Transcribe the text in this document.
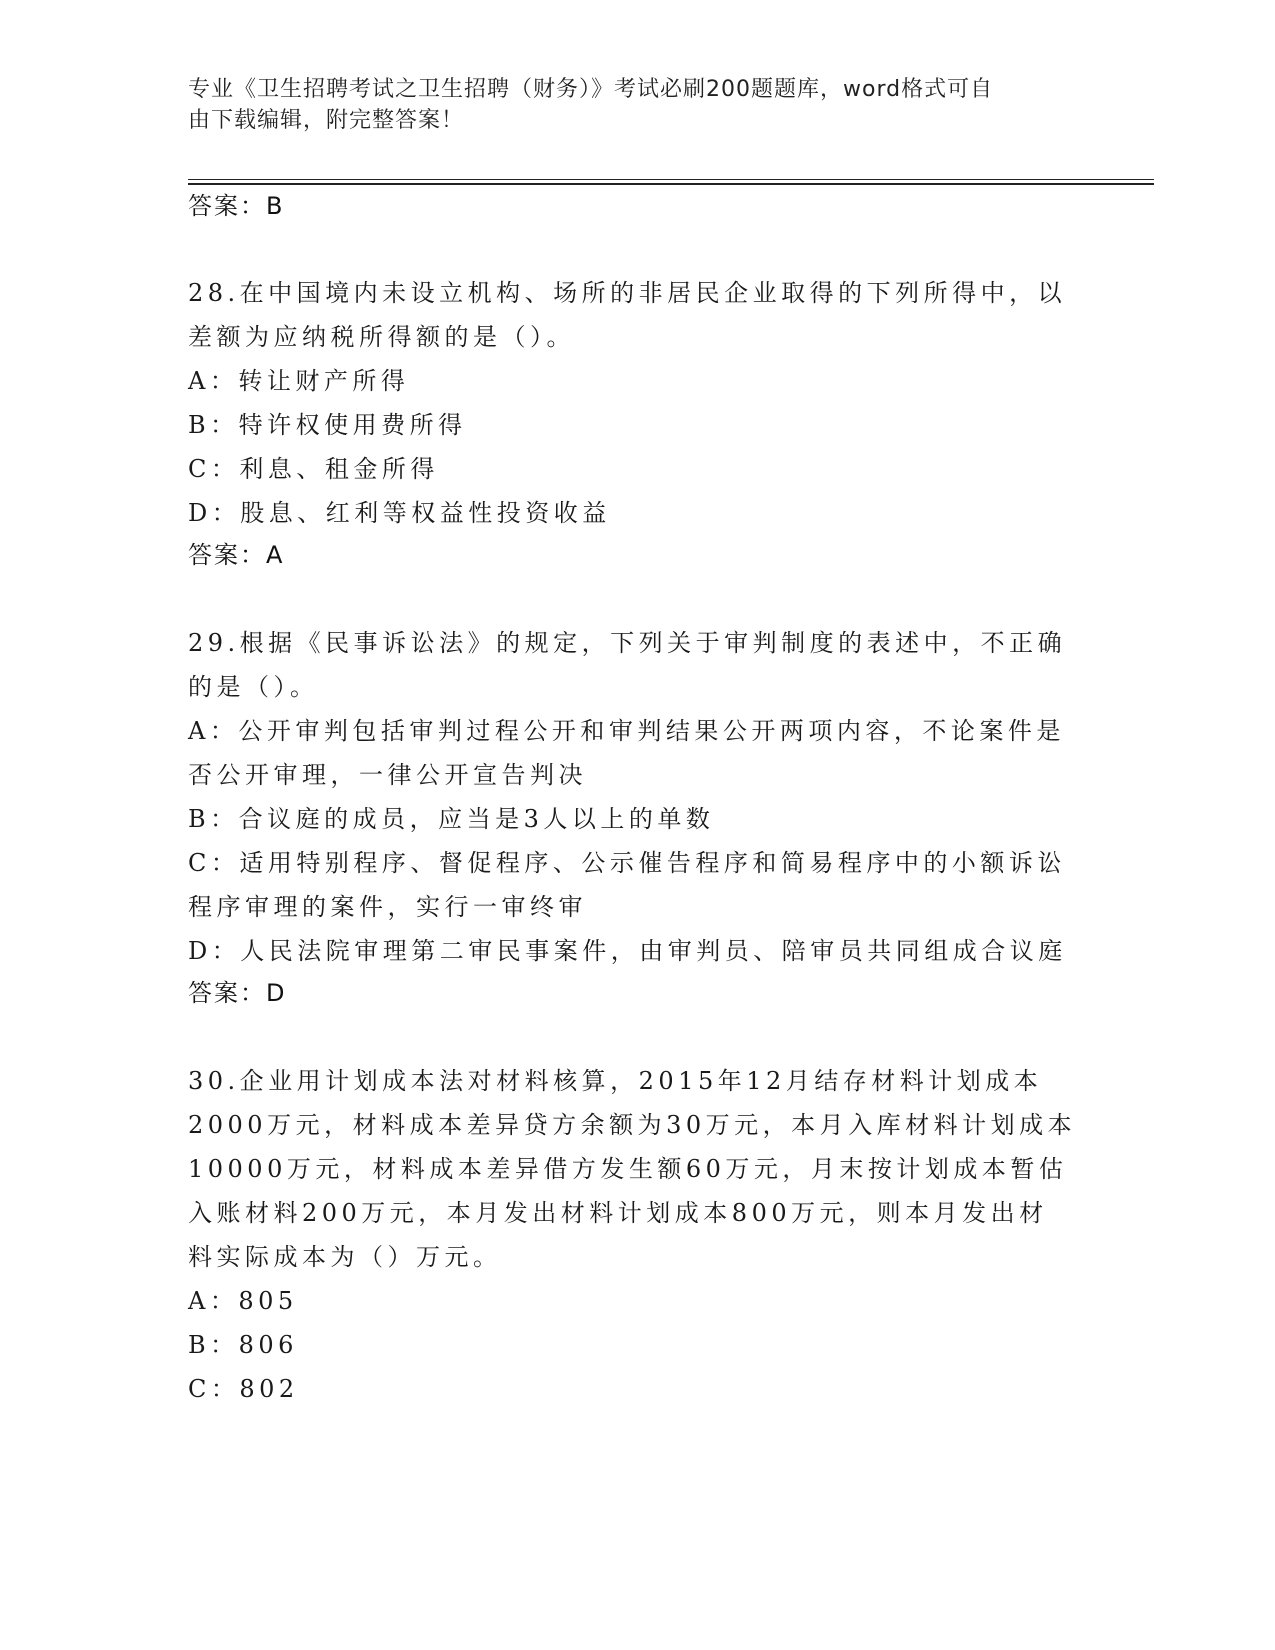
专业《卫生招聘考试之卫生招聘（财务）》考试必刷200题题库，word格式可自
由下载编辑，附完整答案！
答案：B
28.在中国境内未设立机构、场所的非居民企业取得的下列所得中，以
差额为应纳税所得额的是（）。
A：转让财产所得
B：特许权使用费所得
C：利息、租金所得
D：股息、红利等权益性投资收益
答案：A
29.根据《民事诉讼法》的规定，下列关于审判制度的表述中，不正确
的是（）。
A：公开审判包括审判过程公开和审判结果公开两项内容，不论案件是
否公开审理，一律公开宣告判决
B：合议庭的成员，应当是3人以上的单数
C：适用特别程序、督促程序、公示催告程序和简易程序中的小额诉讼
程序审理的案件，实行一审终审
D：人民法院审理第二审民事案件，由审判员、陪审员共同组成合议庭
答案：D
30.企业用计划成本法对材料核算，2015年12月结存材料计划成本
2000万元，材料成本差异贷方余额为30万元，本月入库材料计划成本
10000万元，材料成本差异借方发生额60万元，月末按计划成本暂估
入账材料200万元，本月发出材料计划成本800万元，则本月发出材
料实际成本为（）万元。
A：805
B：806
C：802
